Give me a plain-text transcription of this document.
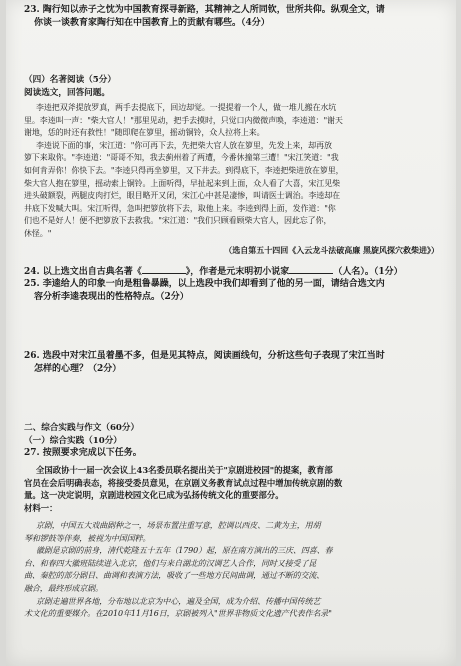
23. 陶行知以赤子之忱为中国教育探寻新路，其精神之人所同钦，世所共仰。纵观全文，请
你谈一谈教育家陶行知在中国教育上的贡献有哪些。（4分）
（四）名著阅读（5分）
阅读选文，回答问题。
李逵把双斧提放罗真，两手去提底下，回边却觉。一提提着一个人，做一堆儿搬在水坑
里。李逵叫一声："柴大官人！"那里见动，把手去摸时，只觉口内微微声唤，李逵道："谢天
谢地，恁的时还有救性！"随即爬在箩里，摇动铜铃，众人拉将上来。
李逵说下面的事，宋江道："你可再下去，先把柴大官人放在箩里，先发上来，却再放
箩下来取你。"李逵道："哥哥不知，我去蓟州着了两遭，今番休撞第三遭！"宋江笑道："我
如何肯弄你！你快下去。"李逵只得再坐箩里，又下井去。到得底下，李逵把柴进放在箩里，
柴大官人抱在箩里，摇动索上铜铃。上面听得，早扯起来到上面，众人看了大喜，宋江见柴
进头破额裂，两腿皮肉打烂，眼目略开又闭，宋江心中甚是凄惨，叫请医士调治。李逵却在
井底下发喊大叫。宋江听得，急叫把箩放将下去，取他上来。李逵到得上面，发作道："你
们也不是好人！便不把箩放下去救我。"宋江道："我们只顾看顾柴大官人，因此忘了你，
休怪。"
（选自第五十四回《入云龙斗法破高廉 黑旋风探穴救柴进》）
24. 以上选文出自古典名著《	》，作者是元末明初小说家	（人名）。（1分）
25. 李逵给人的印象一向是粗鲁暴躁，以上选段中我们却看到了他的另一面，请结合选文内
容分析李逵表现出的性格特点。（2分）
26. 选段中对宋江虽着墨不多，但是见其特点，阅读画线句，分析这些句子表现了宋江当时
怎样的心理？（2分）
二、综合实践与作文（60分）
（一）综合实践（10分）
27. 按照要求完成以下任务。
全国政协十一届一次会议上43名委员联名提出关于"京剧进校园"的提案，教育部
官员在会后明确表态，将接受委员意见，在京剧义务教育试点过程中增加传统京剧的数
量。这一决定说明，京剧进校园文化已成为弘扬传统文化的重要部分。
材料一：
京剧，中国五大戏曲剧种之一，场景布置注重写意，腔调以西皮、二黄为主，用胡
琴和锣鼓等伴奏，被视为中国国粹。
徽剧是京剧的前身，清代乾隆五十五年（1790）起，原在南方演出的三庆、四喜、春
台、和春四大徽班陆续进入北京，他们与来自湖北的汉调艺人合作，同时又接受了昆
曲、秦腔的部分剧目、曲调和表演方法，吸收了一些地方民间曲调，通过不断的交流、
融合，最终形成京剧。
京剧走遍世界各地，分布地以北京为中心，遍及全国，成为介绍、传播中国传统艺
术文化的重要媒介。在2010年11月16日，京剧被列入"世界非物质文化遗产代表作名录"
